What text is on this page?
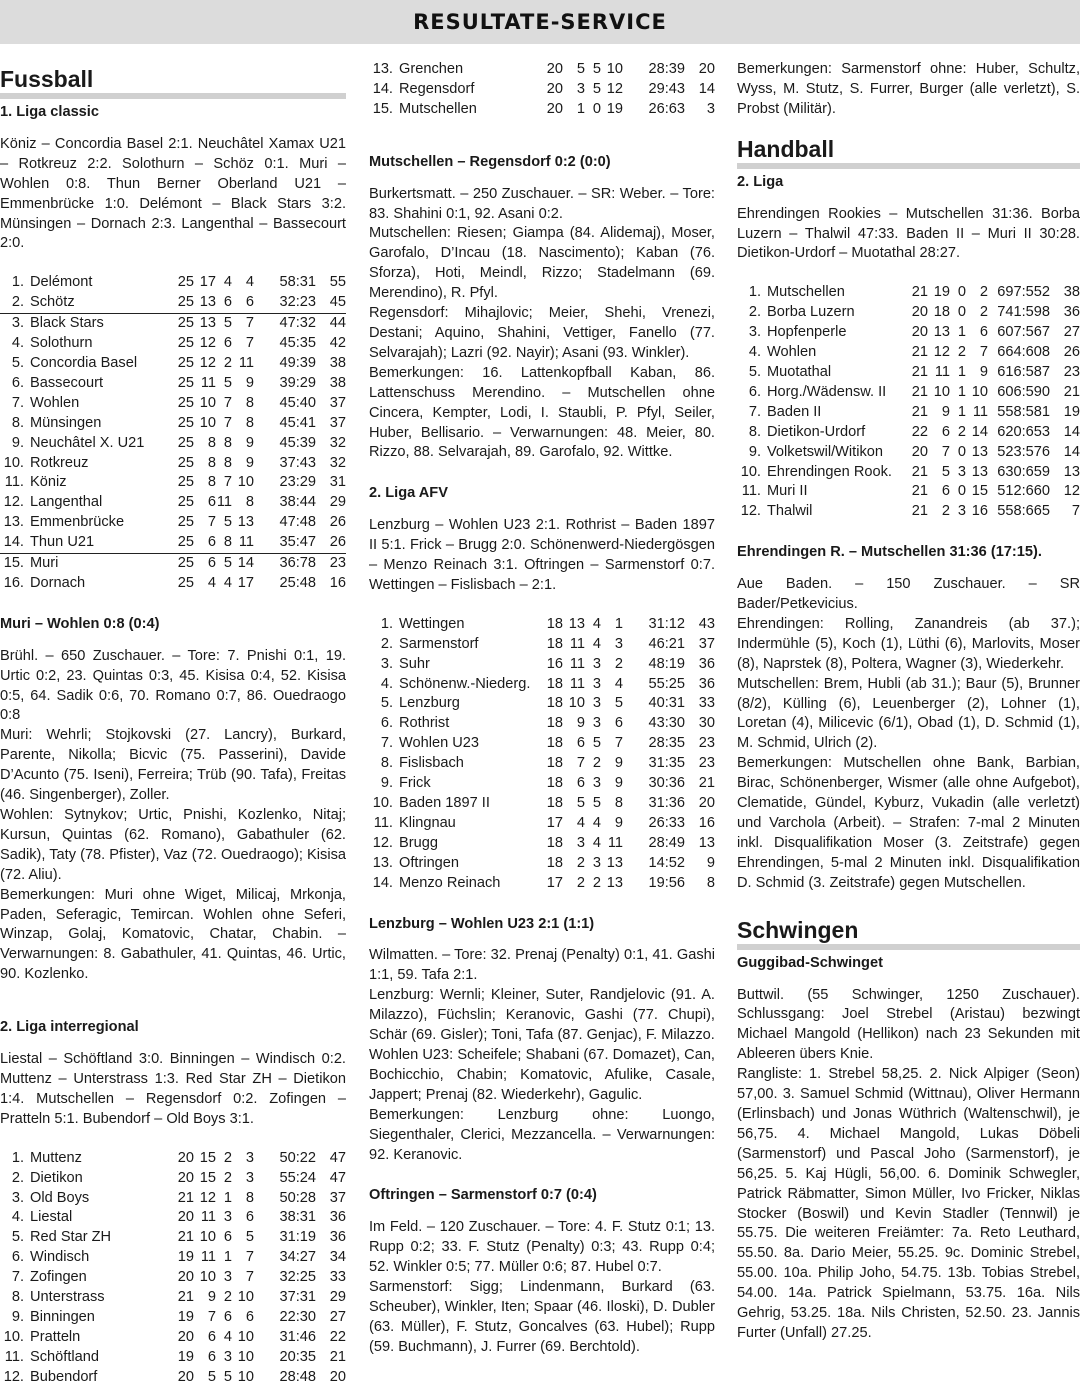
RESULTATE-SERVICE
Fussball
1. Liga classic
Köniz – Concordia Basel 2:1. Neuchâtel Xamax U21 – Rotkreuz 2:2. Solothurn – Schöz 0:1. Muri – Wohlen 0:8. Thun Berner Oberland U21 – Emmenbrücke 1:0. Delémont – Black Stars 3:2. Münsingen – Dornach 2:3. Langenthal – Bassecourt 2:0.
1.	Delémont	25	17	4	4	58:31	55
2.	Schötz	25	13	6	6	32:23	45
3.	Black Stars	25	13	5	7	47:32	44
4.	Solothurn	25	12	6	7	45:35	42
5.	Concordia Basel	25	12	2	11	49:39	38
6.	Bassecourt	25	11	5	9	39:29	38
7.	Wohlen	25	10	7	8	45:40	37
8.	Münsingen	25	10	7	8	45:41	37
9.	Neuchâtel X. U21	25	8	8	9	45:39	32
10.	Rotkreuz	25	8	8	9	37:43	32
11.	Köniz	25	8	7	10	23:29	31
12.	Langenthal	25	6	11	8	38:44	29
13.	Emmenbrücke	25	7	5	13	47:48	26
14.	Thun U21	25	6	8	11	35:47	26
15.	Muri	25	6	5	14	36:78	23
16.	Dornach	25	4	4	17	25:48	16
Muri – Wohlen 0:8 (0:4)
Brühl. – 650 Zuschauer. – Tore: 7. Pnishi 0:1, 19. Urtic 0:2, 23. Quintas 0:3, 45. Kisisa 0:4, 52. Kisisa 0:5, 64. Sadik 0:6, 70. Romano 0:7, 86. Ouedraogo 0:8
Muri: Wehrli; Stojkovski (27. Lancry), Burkard, Parente, Nikolla; Bicvic (75. Passerini), Davide D’Acunto (75. Iseni), Ferreira; Trüb (90. Tafa), Freitas (46. Singenberger), Zoller.
Wohlen: Sytnykov; Urtic, Pnishi, Kozlenko, Nitaj; Kursun, Quintas (62. Romano), Gabathuler (62. Sadik), Taty (78. Pfister), Vaz (72. Ouedraogo); Kisisa (72. Aliu).
Bemerkungen: Muri ohne Wiget, Milicaj, Mrkonja, Paden, Seferagic, Temircan. Wohlen ohne Seferi, Winzap, Golaj, Komatovic, Chatar, Chabin. – Verwarnungen: 8. Gabathuler, 41. Quintas, 46. Urtic, 90. Kozlenko.
2. Liga interregional
Liestal – Schöftland 3:0. Binningen – Windisch 0:2. Muttenz – Unterstrass 1:3. Red Star ZH – Dietikon 1:4. Mutschellen – Regensdorf 0:2. Zofingen – Pratteln 5:1. Bubendorf – Old Boys 3:1.
1.	Muttenz	20	15	2	3	50:22	47
2.	Dietikon	20	15	2	3	55:24	47
3.	Old Boys	21	12	1	8	50:28	37
4.	Liestal	20	11	3	6	38:31	36
5.	Red Star ZH	21	10	6	5	31:19	36
6.	Windisch	19	11	1	7	34:27	34
7.	Zofingen	20	10	3	7	32:25	33
8.	Unterstrass	21	9	2	10	37:31	29
9.	Binningen	19	7	6	6	22:30	27
10.	Pratteln	20	6	4	10	31:46	22
11.	Schöftland	19	6	3	10	20:35	21
12.	Bubendorf	20	5	5	10	28:48	20
13.	Grenchen	20	5	5	10	28:39	20
14.	Regensdorf	20	3	5	12	29:43	14
15.	Mutschellen	20	1	0	19	26:63	3
Mutschellen – Regensdorf 0:2 (0:0)
Burkertsmatt. – 250 Zuschauer. – SR: Weber. – Tore: 83. Shahini 0:1, 92. Asani 0:2.
Mutschellen: Riesen; Giampa (84. Alidemaj), Moser, Garofalo, D’Incau (18. Nascimento); Kaban (76. Sforza), Hoti, Meindl, Rizzo; Stadelmann (69. Merendino), R. Pfyl.
Regensdorf: Mihajlovic; Meier, Shehi, Vrenezi, Destani; Aquino, Shahini, Vettiger, Fanello (77. Selvarajah); Lazri (92. Nayir); Asani (93. Winkler).
Bemerkungen: 16. Lattenkopfball Kaban, 86. Lattenschuss Merendino. – Mutschellen ohne Cincera, Kempter, Lodi, I. Staubli, P. Pfyl, Seiler, Huber, Bellisario. – Verwarnungen: 48. Meier, 80. Rizzo, 88. Selvarajah, 89. Garofalo, 92. Wittke.
2. Liga AFV
Lenzburg – Wohlen U23 2:1. Rothrist – Baden 1897 II 5:1. Frick – Brugg 2:0. Schönenwerd-Niedergösgen – Menzo Reinach 3:1. Oftringen – Sarmenstorf 0:7. Wettingen – Fislisbach – 2:1.
1.	Wettingen	18	13	4	1	31:12	43
2.	Sarmenstorf	18	11	4	3	46:21	37
3.	Suhr	16	11	3	2	48:19	36
4.	Schönenw.-Niederg.	18	11	3	4	55:25	36
5.	Lenzburg	18	10	3	5	40:31	33
6.	Rothrist	18	9	3	6	43:30	30
7.	Wohlen U23	18	6	5	7	28:35	23
8.	Fislisbach	18	7	2	9	31:35	23
9.	Frick	18	6	3	9	30:36	21
10.	Baden 1897 II	18	5	5	8	31:36	20
11.	Klingnau	17	4	4	9	26:33	16
12.	Brugg	18	3	4	11	28:49	13
13.	Oftringen	18	2	3	13	14:52	9
14.	Menzo Reinach	17	2	2	13	19:56	8
Lenzburg – Wohlen U23 2:1 (1:1)
Wilmatten. – Tore: 32. Prenaj (Penalty) 0:1, 41. Gashi 1:1, 59. Tafa 2:1.
Lenzburg: Wernli; Kleiner, Suter, Randjelovic (91. A. Milazzo), Füchslin; Keranovic, Gashi (77. Chupi), Schär (69. Gisler); Toni, Tafa (87. Genjac), F. Milazzo.
Wohlen U23: Scheifele; Shabani (67. Domazet), Can, Bochicchio, Chabin; Komatovic, Afulike, Casale, Jappert; Prenaj (82. Wiederkehr), Gagulic.
Bemerkungen: Lenzburg ohne: Luongo, Siegenthaler, Clerici, Mezzancella. – Verwarnungen: 92. Keranovic.
Oftringen – Sarmenstorf 0:7 (0:4)
Im Feld. – 120 Zuschauer. – Tore: 4. F. Stutz 0:1; 13. Rupp 0:2; 33. F. Stutz (Penalty) 0:3; 43. Rupp 0:4; 52. Winkler 0:5; 77. Müller 0:6; 87. Hubel 0:7.
Sarmenstorf: Sigg; Lindenmann, Burkard (63. Scheuber), Winkler, Iten; Spaar (46. Iloski), D. Dubler (63. Müller), F. Stutz, Goncalves (63. Hubel); Rupp (59. Buchmann), J. Furrer (69. Berchtold).
Bemerkungen: Sarmenstorf ohne: Huber, Schultz, Wyss, M. Stutz, S. Furrer, Burger (alle verletzt), S. Probst (Militär).
Handball
2. Liga
Ehrendingen Rookies – Mutschellen 31:36. Borba Luzern – Thalwil 47:33. Baden II – Muri II 30:28. Dietikon-Urdorf – Muotathal 28:27.
1.	Mutschellen	21	19	0	2	697:552	38
2.	Borba Luzern	20	18	0	2	741:598	36
3.	Hopfenperle	20	13	1	6	607:567	27
4.	Wohlen	21	12	2	7	664:608	26
5.	Muotathal	21	11	1	9	616:587	23
6.	Horg./Wädensw. II	21	10	1	10	606:590	21
7.	Baden II	21	9	1	11	558:581	19
8.	Dietikon-Urdorf	22	6	2	14	620:653	14
9.	Volketswil/Witikon	20	7	0	13	523:576	14
10.	Ehrendingen Rook.	21	5	3	13	630:659	13
11.	Muri II	21	6	0	15	512:660	12
12.	Thalwil	21	2	3	16	558:665	7
Ehrendingen R. – Mutschellen 31:36 (17:15).
Aue Baden. – 150 Zuschauer. – SR Bader/Petkevicius.
Ehrendingen: Rolling, Zanandreis (ab 37.); Indermühle (5), Koch (1), Lüthi (6), Marlovits, Moser (8), Naprstek (8), Poltera, Wagner (3), Wiederkehr.
Mutschellen: Brem, Hubli (ab 31.); Baur (5), Brunner (8/2), Külling (6), Leuenberger (2), Lohner (1), Loretan (4), Milicevic (6/1), Obad (1), D. Schmid (1), M. Schmid, Ulrich (2).
Bemerkungen: Mutschellen ohne Bank, Barbian, Birac, Schönenberger, Wismer (alle ohne Aufgebot), Clematide, Gündel, Kyburz, Vukadin (alle verletzt) und Varchola (Arbeit). – Strafen: 7-mal 2 Minuten inkl. Disqualifikation Moser (3. Zeitstrafe) gegen Ehrendingen, 5-mal 2 Minuten inkl. Disqualifikation D. Schmid (3. Zeitstrafe) gegen Mutschellen.
Schwingen
Guggibad-Schwinget
Buttwil. (55 Schwinger, 1250 Zuschauer). Schlussgang: Joel Strebel (Aristau) bezwingt Michael Mangold (Hellikon) nach 23 Sekunden mit Ableeren übers Knie.
Rangliste: 1. Strebel 58,25. 2. Nick Alpiger (Seon) 57,00. 3. Samuel Schmid (Wittnau), Oliver Hermann (Erlinsbach) und Jonas Wüthrich (Waltenschwil), je 56,75. 4. Michael Mangold, Lukas Döbeli (Sarmenstorf) und Pascal Joho (Sarmenstorf), je 56,25. 5. Kaj Hügli, 56,00. 6. Dominik Schwegler, Patrick Räbmatter, Simon Müller, Ivo Fricker, Niklas Stocker (Boswil) und Kevin Stadler (Tennwil) je 55.75. Die weiteren Freiämter: 7a. Reto Leuthard, 55.50. 8a. Dario Meier, 55.25. 9c. Dominic Strebel, 55.00. 10a. Philip Joho, 54.75. 13b. Tobias Strebel, 54.00. 14a. Patrick Spielmann, 53.75. 16a. Nils Gehrig, 53.25. 18a. Nils Christen, 52.50. 23. Jannis Furter (Unfall) 27.25.
